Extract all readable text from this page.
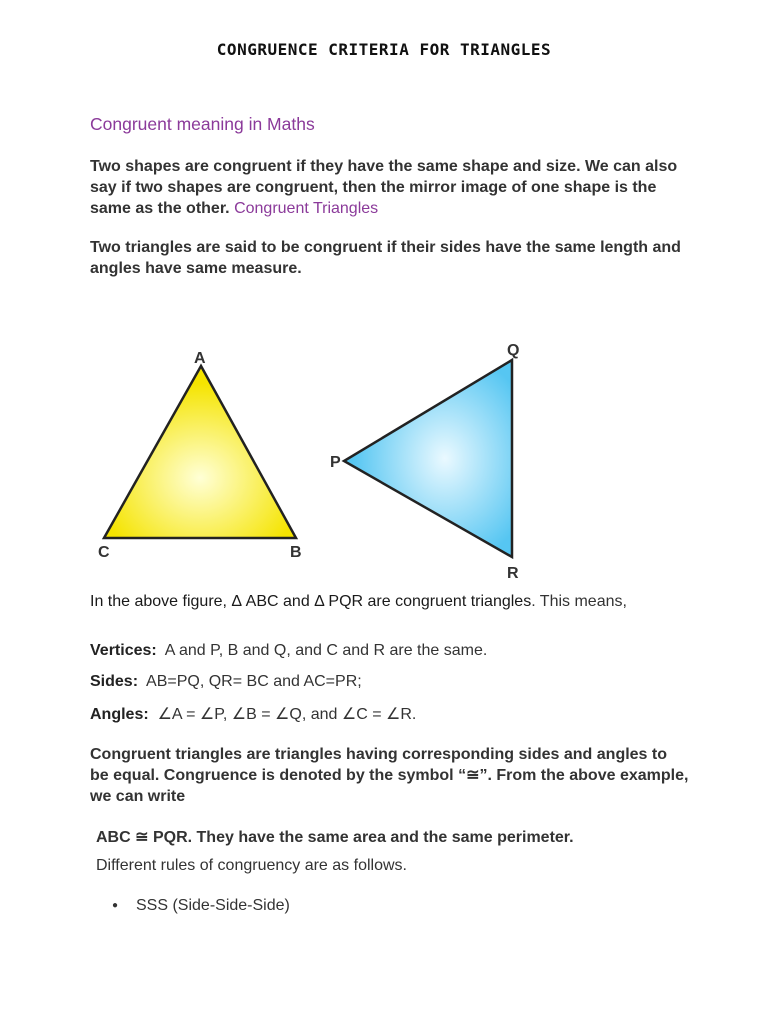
CONGRUENCE CRITERIA FOR TRIANGLES
Congruent meaning in Maths
Two shapes are congruent if they have the same shape and size. We can also say if two shapes are congruent, then the mirror image of one shape is the same as the other. Congruent Triangles
Two triangles are said to be congruent if their sides have the same length and angles have same measure.
A
C	B
Q
P
R
In the above figure, Δ ABC and Δ PQR are congruent triangles. This means,
Vertices: A and P, B and Q, and C and R are the same.
Sides: AB=PQ, QR= BC and AC=PR;
Angles: ∠A = ∠P, ∠B = ∠Q, and ∠C = ∠R.
Congruent triangles are triangles having corresponding sides and angles to be equal. Congruence is denoted by the symbol “≅”. From the above example, we can write
ABC ≅ PQR. They have the same area and the same perimeter.
Different rules of congruency are as follows.
● SSS (Side-Side-Side)
